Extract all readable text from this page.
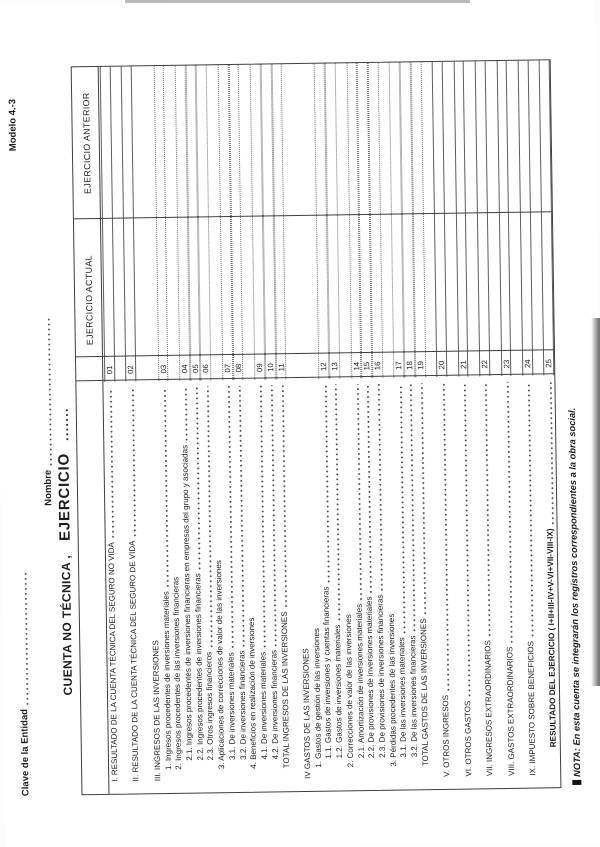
Clave de la Entidad
Nombre
Modelo 4.-3
CUENTA NO TÉCNICA ,EJERCICIO.......
EJERCICIO ACTUAL
EJERCICIO ANTERIOR
I. RESULTADO DE LA CUENTA TÉCNICA DEL SEGURO NO VIDA
01
II. RESULTADO DE LA CUENTA TÉCNICA DEL SEGURO DE VIDA
02
III. INGRESOS DE LAS INVERSIONES
1. Ingresos procedentes de inversiones materiales
03
2. Ingresos procedentes de las inversiones financieras
2.1. Ingresos procedentes de inversiones financieras en empresas del grupo y asociadas
04
2.2. Ingresos procedentes de inversiones financieras
05
2.3. Otros ingresos financieros
06
3. Aplicaciones de correcciones de valor de las inversiones 3.1. De inversiones materiales
07
3.2. De inversiones financieras
08
4. Beneficios en realización de inversiones 4.1. De inversiones materiales
09
4.2. De inversiones financieras
10
TOTAL INGRESOS DE LAS INVERSIONES
11
IV GASTOS DE LAS INVERSIONES 1. Gastos de gestión de las inversiones 1.1. Gastos de inversiones y cuentas financieras
12
1.2. Gastos de inversiones materiales
13
2. Correcciones de valor de las inversiones 2.1. Amortización de inversiones materiales
14
2.2. De provisiones de inversiones materiales
15
2.3. De provisiones de inversiones financieras
16
3. Pérdidas procedentes de las inversiones 3.1. De las inversiones materiales
17
3.2. De las inversiones financieras
18
TOTAL GASTOS DE LAS INVERSIONES
19
V. OTROS INGRESOS
20
VI. OTROS GASTOS
21
VII. INGRESOS EXTRAORDINARIOS
22
VIII. GASTOS EXTRAORDINARIOS
23
IX. IMPUESTO SOBRE BENEFICIOS
24
RESULTADO DEL EJERCICIO ( I+II+III-IV+V-VI+VII-VIII-IX)
25
NOTA: En esta cuenta se integrarán los registros correspondientes a la obra social.
